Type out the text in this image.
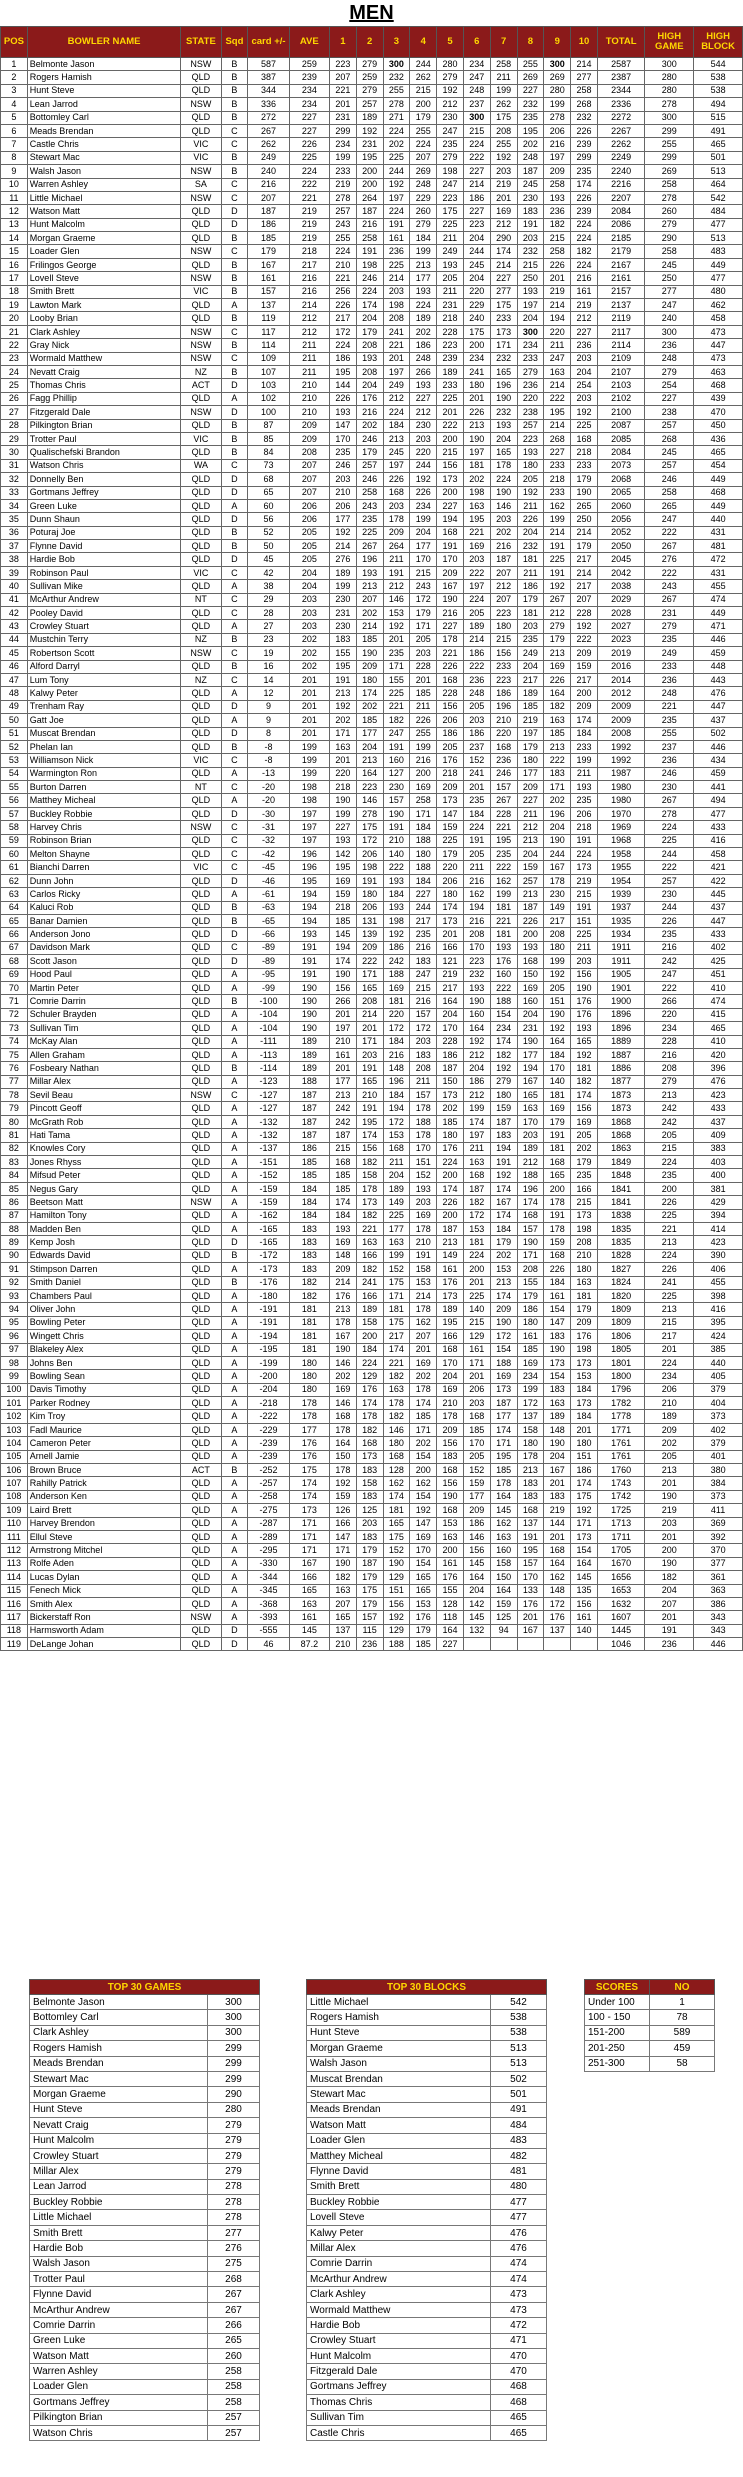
MEN
POS	BOWLER NAME	STATE	Sqd	card +/-	AVE	1	2	3	4	5	6	7	8	9	10	TOTAL	HIGH GAME	HIGH BLOCK
1	Belmonte Jason	NSW	B	587	259	223	279	300	244	280	234	258	255	300	214	2587	300	544
2	Rogers Hamish	QLD	B	387	239	207	259	232	262	279	247	211	269	269	277	2387	280	538
3	Hunt Steve	QLD	B	344	234	221	279	255	215	192	248	199	227	280	258	2344	280	538
4	Lean Jarrod	NSW	B	336	234	201	257	278	200	212	237	262	232	199	268	2336	278	494
5	Bottomley Carl	QLD	B	272	227	231	189	271	179	230	300	175	235	278	232	2272	300	515
6	Meads Brendan	QLD	C	267	227	299	192	224	255	247	215	208	195	206	226	2267	299	491
7	Castle Chris	VIC	C	262	226	234	231	202	224	235	224	255	202	216	239	2262	255	465
8	Stewart Mac	VIC	B	249	225	199	195	225	207	279	222	192	248	197	299	2249	299	501
9	Walsh Jason	NSW	B	240	224	233	200	244	269	198	227	203	187	209	235	2240	269	513
10	Warren Ashley	SA	C	216	222	219	200	192	248	247	214	219	245	258	174	2216	258	464
11	Little Michael	NSW	C	207	221	278	264	197	229	223	186	201	230	193	226	2207	278	542
12	Watson Matt	QLD	D	187	219	257	187	224	260	175	227	169	183	236	239	2084	260	484
13	Hunt Malcolm	QLD	D	186	219	243	216	191	279	225	223	212	191	182	224	2086	279	477
14	Morgan Graeme	QLD	B	185	219	255	258	161	184	211	204	290	203	215	224	2185	290	513
15	Loader Glen	NSW	C	179	218	224	191	236	199	249	244	174	232	258	182	2179	258	483
16	Frilingos George	QLD	B	167	217	210	198	225	213	193	245	214	215	226	224	2167	245	449
17	Lovell Steve	NSW	B	161	216	221	246	214	177	205	204	227	250	201	216	2161	250	477
18	Smith Brett	VIC	B	157	216	256	224	203	193	211	220	277	193	219	161	2157	277	480
19	Lawton Mark	QLD	A	137	214	226	174	198	224	231	229	175	197	214	219	2137	247	462
20	Looby Brian	QLD	B	119	212	217	204	208	189	218	240	233	204	194	212	2119	240	458
21	Clark Ashley	NSW	C	117	212	172	179	241	202	228	175	173	300	220	227	2117	300	473
22	Gray Nick	NSW	B	114	211	224	208	221	186	223	200	171	234	211	236	2114	236	447
23	Wormald Matthew	NSW	C	109	211	186	193	201	248	239	234	232	233	247	203	2109	248	473
24	Nevatt Craig	NZ	B	107	211	195	208	197	266	189	241	165	279	163	204	2107	279	463
25	Thomas Chris	ACT	D	103	210	144	204	249	193	233	180	196	236	214	254	2103	254	468
26	Fagg Phillip	QLD	A	102	210	226	176	212	227	225	201	190	220	222	203	2102	227	439
27	Fitzgerald Dale	NSW	D	100	210	193	216	224	212	201	226	232	238	195	192	2100	238	470
28	Pilkington Brian	QLD	B	87	209	147	202	184	230	222	213	193	257	214	225	2087	257	450
29	Trotter Paul	VIC	B	85	209	170	246	213	203	200	190	204	223	268	168	2085	268	436
30	Qualischefski Brandon	QLD	B	84	208	235	179	245	220	215	197	165	193	227	218	2084	245	465
31	Watson Chris	WA	C	73	207	246	257	197	244	156	181	178	180	233	233	2073	257	454
32	Donnelly Ben	QLD	D	68	207	203	246	226	192	173	202	224	205	218	179	2068	246	449
33	Gortmans Jeffrey	QLD	D	65	207	210	258	168	226	200	198	190	192	233	190	2065	258	468
34	Green Luke	QLD	A	60	206	206	243	203	234	227	163	146	211	162	265	2060	265	449
35	Dunn Shaun	QLD	D	56	206	177	235	178	199	194	195	203	226	199	250	2056	247	440
36	Poturaj Joe	QLD	B	52	205	192	225	209	204	168	221	202	204	214	214	2052	222	431
37	Flynne David	QLD	B	50	205	214	267	264	177	191	169	216	232	191	179	2050	267	481
38	Hardie Bob	QLD	D	45	205	276	196	211	170	170	203	187	181	225	217	2045	276	472
39	Robinson Paul	VIC	C	42	204	189	193	191	215	209	222	207	211	191	214	2042	222	431
40	Sullivan Mike	QLD	A	38	204	199	213	212	243	167	197	212	186	192	217	2038	243	455
41	McArthur Andrew	NT	C	29	203	230	207	146	172	190	224	207	179	267	207	2029	267	474
42	Pooley David	QLD	C	28	203	231	202	153	179	216	205	223	181	212	228	2028	231	449
43	Crowley Stuart	QLD	A	27	203	230	214	192	171	227	189	180	203	279	192	2027	279	471
44	Mustchin Terry	NZ	B	23	202	183	185	201	205	178	214	215	235	179	222	2023	235	446
45	Robertson Scott	NSW	C	19	202	155	190	235	203	221	186	156	249	213	209	2019	249	459
46	Alford Darryl	QLD	B	16	202	195	209	171	228	226	222	233	204	169	159	2016	233	448
47	Lum Tony	NZ	C	14	201	191	180	155	201	168	236	223	217	226	217	2014	236	443
48	Kalwy Peter	QLD	A	12	201	213	174	225	185	228	248	186	189	164	200	2012	248	476
49	Trenham Ray	QLD	D	9	201	192	202	221	211	156	205	196	185	182	209	2009	221	447
50	Gatt Joe	QLD	A	9	201	202	185	182	226	206	203	210	219	163	174	2009	235	437
51	Muscat Brendan	QLD	D	8	201	171	177	247	255	186	186	220	197	185	184	2008	255	502
52	Phelan Ian	QLD	B	-8	199	163	204	191	199	205	237	168	179	213	233	1992	237	446
53	Williamson Nick	VIC	C	-8	199	201	213	160	216	176	152	236	180	222	199	1992	236	434
54	Warmington Ron	QLD	A	-13	199	220	164	127	200	218	241	246	177	183	211	1987	246	459
55	Burton Darren	NT	C	-20	198	218	223	230	169	209	201	157	209	171	193	1980	230	441
56	Matthey Micheal	QLD	A	-20	198	190	146	157	258	173	235	267	227	202	235	1980	267	494
57	Buckley Robbie	QLD	D	-30	197	199	278	190	171	147	184	228	211	196	206	1970	278	477
58	Harvey Chris	NSW	C	-31	197	227	175	191	184	159	224	221	212	204	218	1969	224	433
59	Robinson Brian	QLD	C	-32	197	193	172	210	188	225	191	195	213	190	191	1968	225	416
60	Melton Shayne	QLD	C	-42	196	142	206	140	180	179	205	235	204	244	224	1958	244	458
61	Bianchi Darren	VIC	C	-45	196	195	198	222	188	220	211	222	159	167	173	1955	222	421
62	Dunn John	QLD	D	-46	195	169	191	193	184	206	216	162	257	178	219	1954	257	422
63	Carlos Ricky	QLD	A	-61	194	159	180	184	227	180	162	199	213	230	215	1939	230	445
64	Kaluci Rob	QLD	B	-63	194	218	206	193	244	174	194	181	187	149	191	1937	244	437
65	Banar Damien	QLD	B	-65	194	185	131	198	217	173	216	221	226	217	151	1935	226	447
66	Anderson Jono	QLD	D	-66	193	145	139	192	235	201	208	181	200	208	225	1934	235	433
67	Davidson Mark	QLD	C	-89	191	194	209	186	216	166	170	193	193	180	211	1911	216	402
68	Scott Jason	QLD	D	-89	191	174	222	242	183	121	223	176	168	199	203	1911	242	425
69	Hood Paul	QLD	A	-95	191	190	171	188	247	219	232	160	150	192	156	1905	247	451
70	Martin Peter	QLD	A	-99	190	156	165	169	215	217	193	222	169	205	190	1901	222	410
71	Comrie Darrin	QLD	B	-100	190	266	208	181	216	164	190	188	160	151	176	1900	266	474
72	Schuler Brayden	QLD	A	-104	190	201	214	220	157	204	160	154	204	190	176	1896	220	415
73	Sullivan Tim	QLD	A	-104	190	197	201	172	172	170	164	234	231	192	193	1896	234	465
74	McKay Alan	QLD	A	-111	189	210	171	184	203	228	192	174	190	164	165	1889	228	410
75	Allen Graham	QLD	A	-113	189	161	203	216	183	186	212	182	177	184	192	1887	216	420
76	Fosbeary Nathan	QLD	B	-114	189	201	191	148	208	187	204	192	194	170	181	1886	208	396
77	Millar Alex	QLD	A	-123	188	177	165	196	211	150	186	279	167	140	182	1877	279	476
78	Sevil Beau	NSW	C	-127	187	213	210	184	157	173	212	180	165	181	174	1873	213	423
79	Pincott Geoff	QLD	A	-127	187	242	191	194	178	202	199	159	163	169	156	1873	242	433
80	McGrath Rob	QLD	A	-132	187	242	195	172	188	185	174	187	170	179	169	1868	242	437
81	Hati Tama	QLD	A	-132	187	187	174	153	178	180	197	183	203	191	205	1868	205	409
82	Knowles Cory	QLD	A	-137	186	215	156	168	170	176	211	194	189	181	202	1863	215	383
83	Jones Rhyss	QLD	A	-151	185	168	182	211	151	224	163	191	212	168	179	1849	224	403
84	Mifsud Peter	QLD	A	-152	185	185	158	204	152	200	168	192	188	165	235	1848	235	400
85	Negus Gary	QLD	A	-159	184	185	178	189	193	174	187	174	196	200	166	1841	200	381
86	Beetson Matt	NSW	A	-159	184	174	173	149	203	226	182	167	174	178	215	1841	226	429
87	Hamilton Tony	QLD	A	-162	184	184	182	225	169	200	172	174	168	191	173	1838	225	394
88	Madden Ben	QLD	A	-165	183	193	221	177	178	187	153	184	157	178	198	1835	221	414
89	Kemp Josh	QLD	D	-165	183	169	163	163	210	213	181	179	190	159	208	1835	213	423
90	Edwards David	QLD	B	-172	183	148	166	199	191	149	224	202	171	168	210	1828	224	390
91	Stimpson Darren	QLD	A	-173	183	209	182	152	158	161	200	153	208	226	180	1827	226	406
92	Smith Daniel	QLD	B	-176	182	214	241	175	153	176	201	213	155	184	163	1824	241	455
93	Chambers Paul	QLD	A	-180	182	176	166	171	214	173	225	174	179	161	181	1820	225	398
94	Oliver John	QLD	A	-191	181	213	189	181	178	189	140	209	186	154	179	1809	213	416
95	Bowling Peter	QLD	A	-191	181	178	158	175	162	195	215	190	180	147	209	1809	215	395
96	Wingett Chris	QLD	A	-194	181	167	200	217	207	166	129	172	161	183	176	1806	217	424
97	Blakeley Alex	QLD	A	-195	181	190	184	174	201	168	161	154	185	190	198	1805	201	385
98	Johns Ben	QLD	A	-199	180	146	224	221	169	170	171	188	169	173	173	1801	224	440
99	Bowling Sean	QLD	A	-200	180	202	129	182	202	204	201	169	234	154	153	1800	234	405
100	Davis Timothy	QLD	A	-204	180	169	176	163	178	169	206	173	199	183	184	1796	206	379
101	Parker Rodney	QLD	A	-218	178	146	174	178	174	210	203	187	172	163	173	1782	210	404
102	Kim Troy	QLD	A	-222	178	168	178	182	185	178	168	177	137	189	184	1778	189	373
103	Fadl Maurice	QLD	A	-229	177	178	182	146	171	209	185	174	158	148	201	1771	209	402
104	Cameron Peter	QLD	A	-239	176	164	168	180	202	156	170	171	180	190	180	1761	202	379
105	Arnell Jamie	QLD	A	-239	176	150	173	168	154	183	205	195	178	204	151	1761	205	401
106	Brown Bruce	ACT	B	-252	175	178	183	128	200	168	152	185	213	167	186	1760	213	380
107	Rahilly Patrick	QLD	A	-257	174	192	158	162	162	156	159	178	183	201	174	1743	201	384
108	Anderson Ken	QLD	A	-258	174	159	183	174	154	190	177	164	183	183	175	1742	190	373
109	Laird Brett	QLD	A	-275	173	126	125	181	192	168	209	145	168	219	192	1725	219	411
110	Harvey Brendon	QLD	A	-287	171	166	203	165	147	153	186	162	137	144	171	1713	203	369
111	Ellul Steve	QLD	A	-289	171	147	183	175	169	163	146	163	191	201	173	1711	201	392
112	Armstrong Mitchel	QLD	A	-295	171	171	179	152	170	200	156	160	195	168	154	1705	200	370
113	Rolfe Aden	QLD	A	-330	167	190	187	190	154	161	145	158	157	164	164	1670	190	377
114	Lucas Dylan	QLD	A	-344	166	182	179	129	165	176	164	150	170	162	145	1656	182	361
115	Fenech Mick	QLD	A	-345	165	163	175	151	165	155	204	164	133	148	135	1653	204	363
116	Smith Alex	QLD	A	-368	163	207	179	156	153	128	142	159	176	172	156	1632	207	386
117	Bickerstaff Ron	NSW	A	-393	161	165	157	192	176	118	145	125	201	176	161	1607	201	343
118	Harmsworth Adam	QLD	D	-555	145	137	115	129	179	164	132	94	167	137	140	1445	191	343
119	DeLange Johan	QLD	D	46	87.2	210	236	188	185	227						1046	236	446
TOP 30 GAMES	
Belmonte Jason	300
Bottomley Carl	300
Clark Ashley	300
Rogers Hamish	299
Meads Brendan	299
Stewart Mac	299
Morgan Graeme	290
Hunt Steve	280
Nevatt Craig	279
Hunt Malcolm	279
Crowley Stuart	279
Millar Alex	279
Lean Jarrod	278
Buckley Robbie	278
Little Michael	278
Smith Brett	277
Hardie Bob	276
Walsh Jason	275
Trotter Paul	268
Flynne David	267
McArthur Andrew	267
Comrie Darrin	266
Green Luke	265
Watson Matt	260
Warren Ashley	258
Loader Glen	258
Gortmans Jeffrey	258
Pilkington Brian	257
Watson Chris	257
TOP 30 BLOCKS	
Little Michael	542
Rogers Hamish	538
Hunt Steve	538
Morgan Graeme	513
Walsh Jason	513
Muscat Brendan	502
Stewart Mac	501
Meads Brendan	491
Watson Matt	484
Loader Glen	483
Matthey Micheal	482
Flynne David	481
Smith Brett	480
Buckley Robbie	477
Lovell Steve	477
Kalwy Peter	476
Millar Alex	476
Comrie Darrin	474
McArthur Andrew	474
Clark Ashley	473
Wormald Matthew	473
Hardie Bob	472
Crowley Stuart	471
Hunt Malcolm	470
Fitzgerald Dale	470
Gortmans Jeffrey	468
Thomas Chris	468
Sullivan Tim	465
Castle Chris	465
SCORES	NO
Under 100	1
100 - 150	78
151-200	589
201-250	459
251-300	58
